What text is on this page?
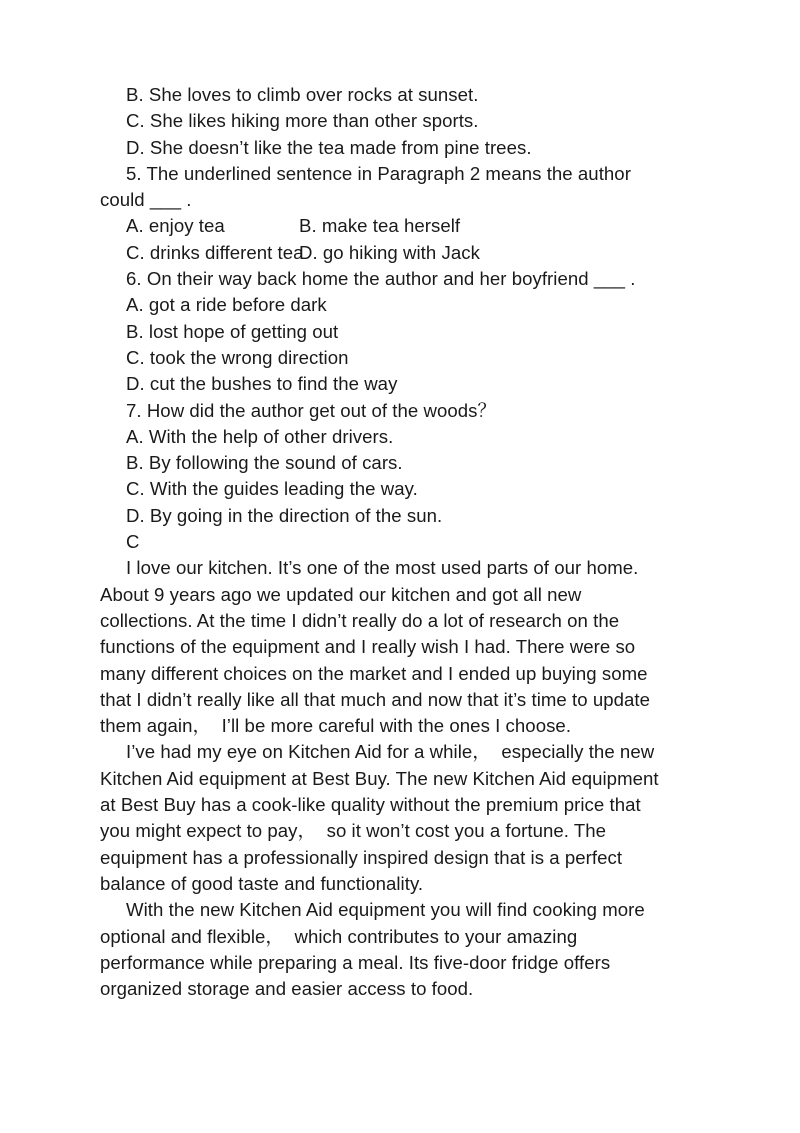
B. She loves to climb over rocks at sunset.
C. She likes hiking more than other sports.
D. She doesn’t like the tea made from pine trees.
5. The underlined sentence in Paragraph 2 means the author
could ___ .
A. enjoy tea	B. make tea herself
C. drinks different tea
D. go hiking with Jack
6. On their way back home the author and her boyfriend ___ .
A. got a ride before dark
B. lost hope of getting out
C. took the wrong direction
D. cut the bushes to find the way
7. How did the author get out of the woods？
A. With the help of other drivers.
B. By following the sound of cars.
C. With the guides leading the way.
D. By going in the direction of the sun.
C
I love our kitchen. It’s one of the most used parts of our home.
About 9 years ago we updated our kitchen and got all new
collections. At the time I didn’t really do a lot of research on the
functions of the equipment and I really wish I had. There were so
many different choices on the market and I ended up buying some
that I didn’t really like all that much and now that it’s time to update
them again，  I’ll be more careful with the ones I choose.
I’ve had my eye on Kitchen Aid for a while，  especially the new
Kitchen Aid equipment at Best Buy. The new Kitchen Aid equipment
at Best Buy has a cook-like quality without the premium price that
you might expect to pay，  so it won’t cost you a fortune. The
equipment has a professionally inspired design that is a perfect
balance of good taste and functionality.
With the new Kitchen Aid equipment you will find cooking more
optional and flexible，  which contributes to your amazing
performance while preparing a meal. Its five-door fridge offers
organized storage and easier access to food.
